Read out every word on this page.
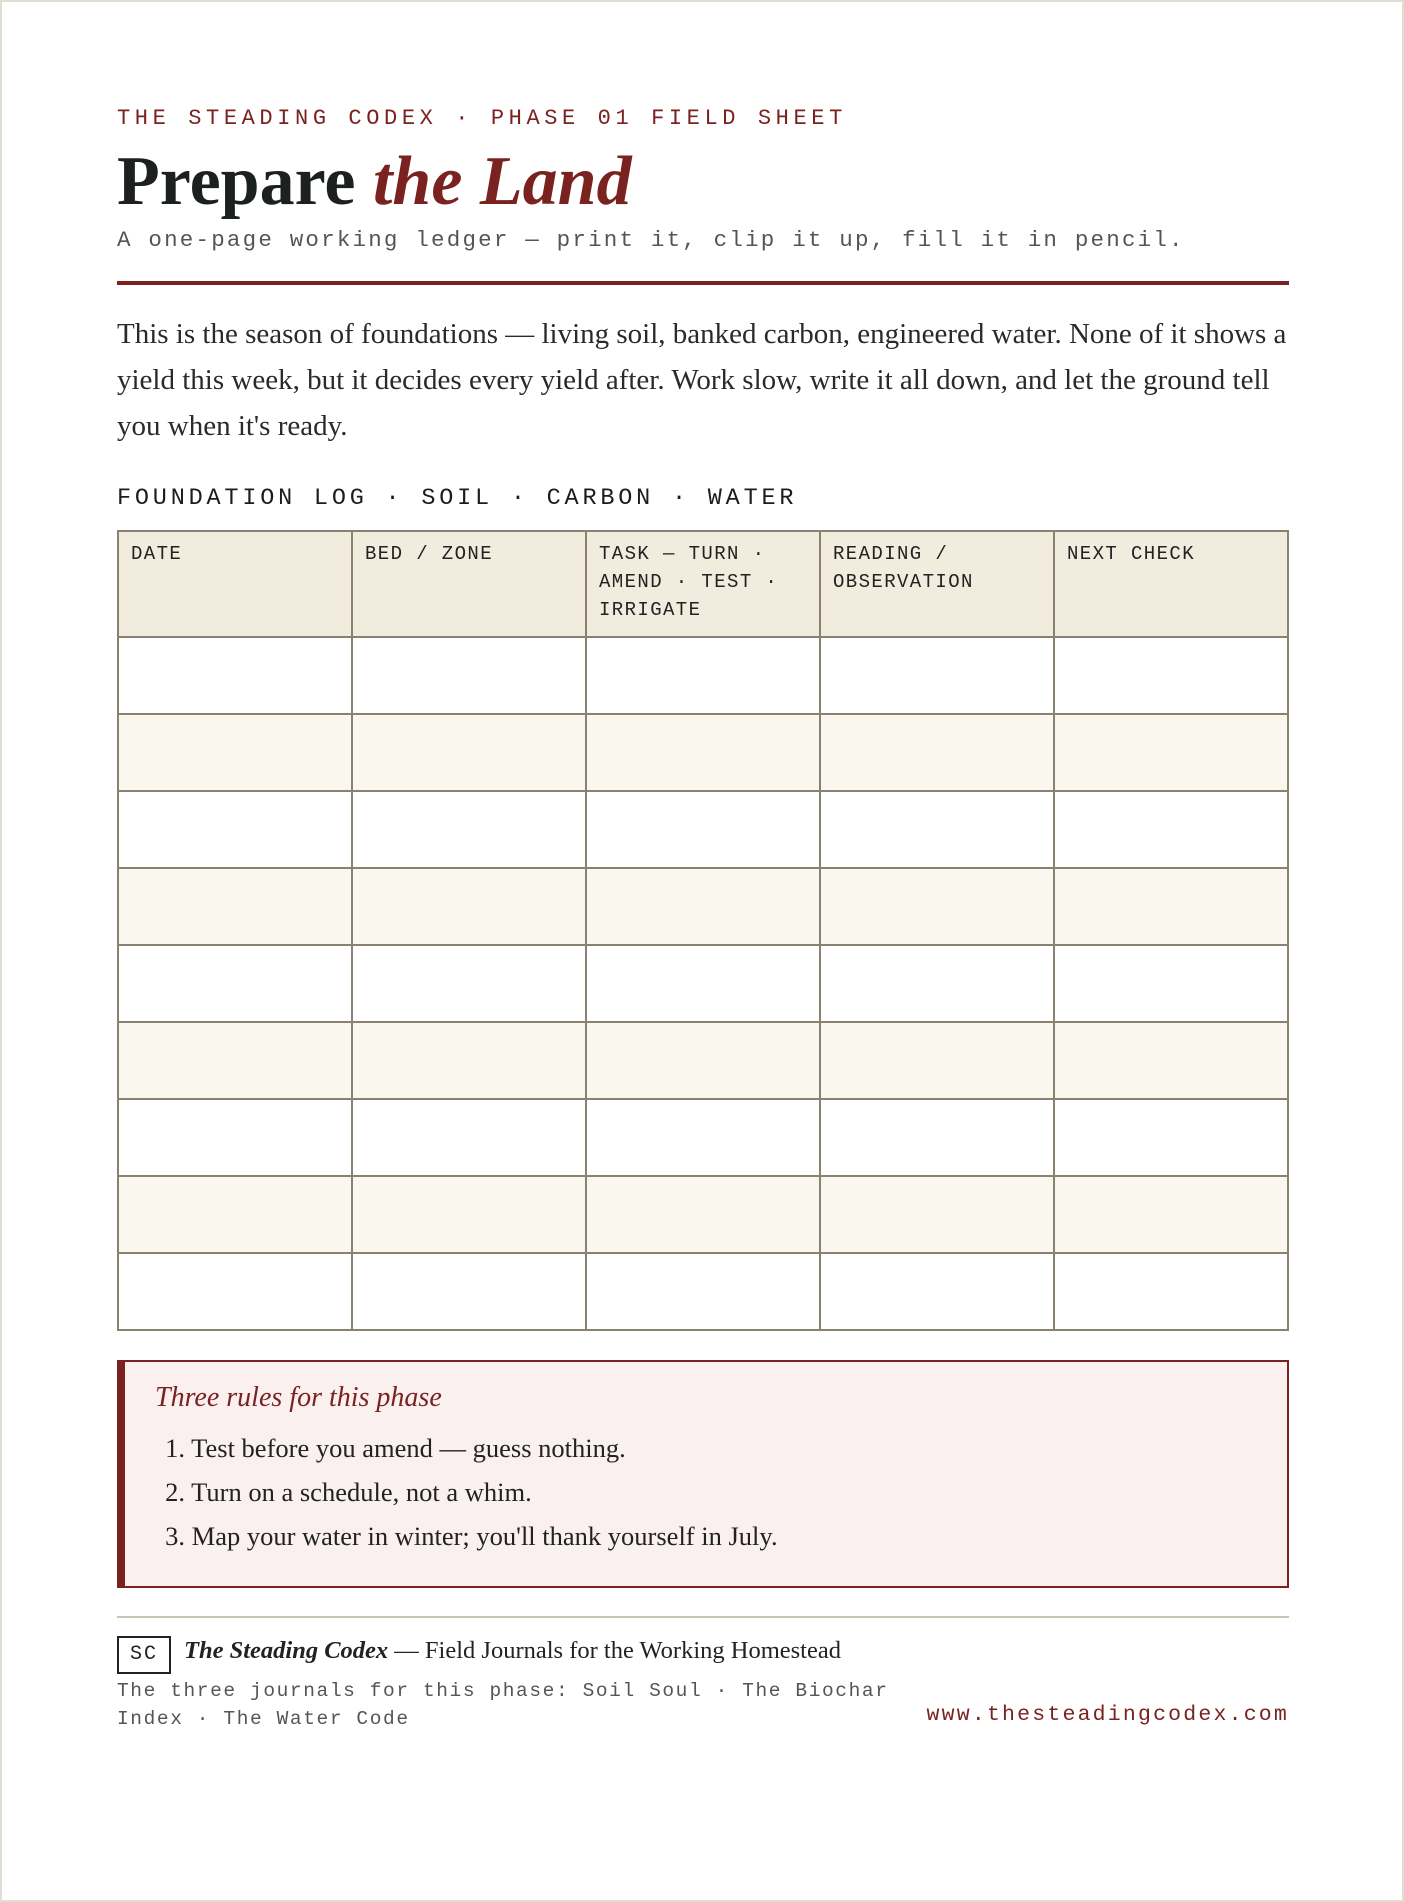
THE STEADING CODEX · PHASE 01 FIELD SHEET
Prepare the Land
A one-page working ledger — print it, clip it up, fill it in pencil.

This is the season of foundations — living soil, banked carbon, engineered water. None of it shows a yield this week, but it decides every yield after. Work slow, write it all down, and let the ground tell you when it's ready.

FOUNDATION LOG · SOIL · CARBON · WATER
DATE	BED / ZONE	TASK — TURN · AMEND · TEST · IRRIGATE	READING / OBSERVATION	NEXT CHECK

Three rules for this phase
1. Test before you amend — guess nothing.
2. Turn on a schedule, not a whim.
3. Map your water in winter; you'll thank yourself in July.
SC	The Steading Codex — Field Journals for the Working Homestead
The three journals for this phase: Soil Soul · The Biochar Index · The Water Code	www.thesteadingcodex.com
